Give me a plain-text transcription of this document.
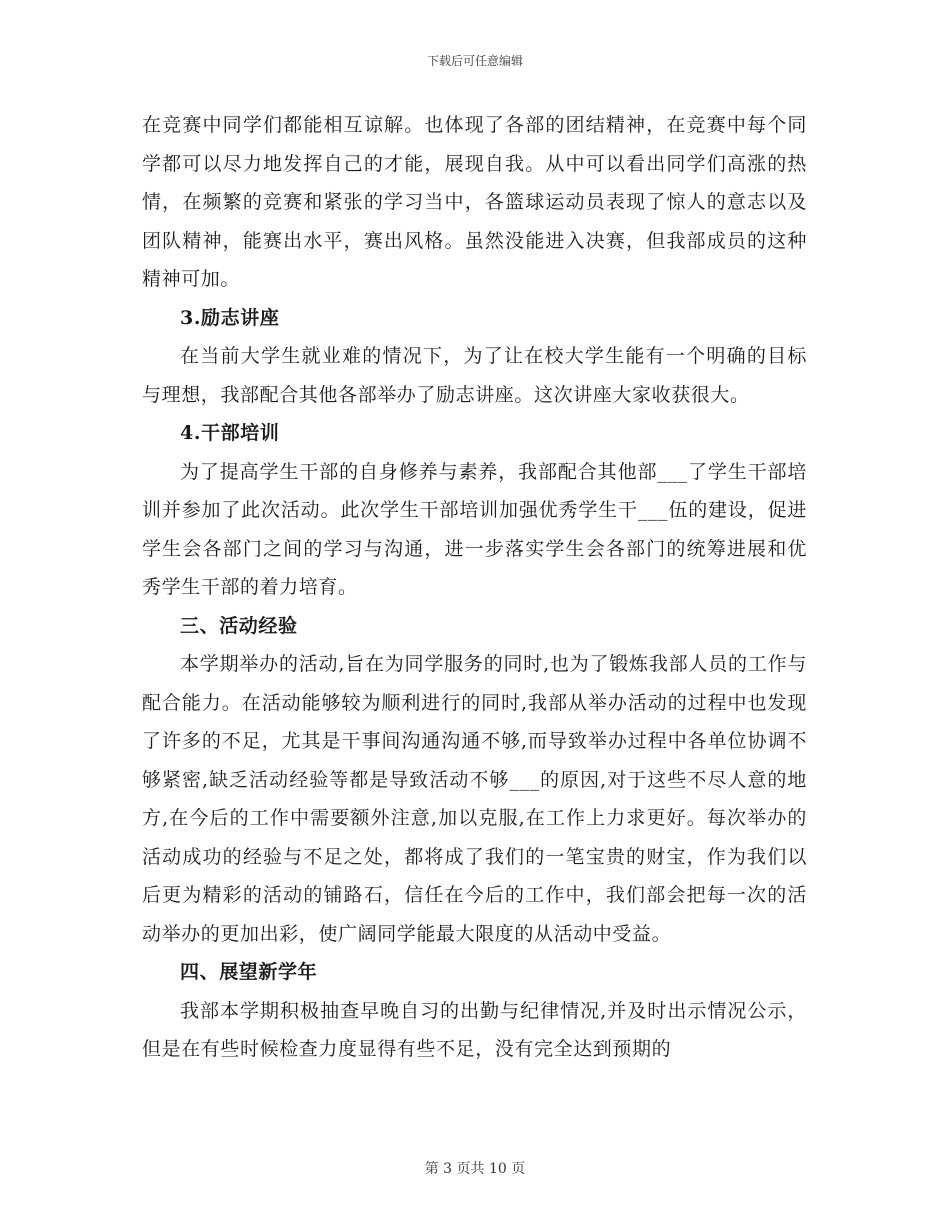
下载后可任意编辑

在竞赛中同学们都能相互谅解。也体现了各部的团结精神，在竞赛中每个同学都可以尽力地发挥自己的才能，展现自我。从中可以看出同学们高涨的热情，在频繁的竞赛和紧张的学习当中，各篮球运动员表现了惊人的意志以及团队精神，能赛出水平，赛出风格。虽然没能进入决赛，但我部成员的这种精神可加。

3.励志讲座

在当前大学生就业难的情况下，为了让在校大学生能有一个明确的目标与理想，我部配合其他各部举办了励志讲座。这次讲座大家收获很大。

4.干部培训

为了提高学生干部的自身修养与素养，我部配合其他部___了学生干部培训并参加了此次活动。此次学生干部培训加强优秀学生干___伍的建设，促进学生会各部门之间的学习与沟通，进一步落实学生会各部门的统筹进展和优秀学生干部的着力培育。

三、活动经验

本学期举办的活动,旨在为同学服务的同时,也为了锻炼我部人员的工作与配合能力。在活动能够较为顺利进行的同时,我部从举办活动的过程中也发现了许多的不足，尤其是干事间沟通沟通不够,而导致举办过程中各单位协调不够紧密,缺乏活动经验等都是导致活动不够___的原因,对于这些不尽人意的地方,在今后的工作中需要额外注意,加以克服,在工作上力求更好。每次举办的活动成功的经验与不足之处，都将成了我们的一笔宝贵的财宝，作为我们以后更为精彩的活动的铺路石，信任在今后的工作中，我们部会把每一次的活动举办的更加出彩，使广阔同学能最大限度的从活动中受益。

四、展望新学年

我部本学期积极抽查早晚自习的出勤与纪律情况,并及时出示情况公示，但是在有些时候检查力度显得有些不足，没有完全达到预期的

第 3 页共 10 页
